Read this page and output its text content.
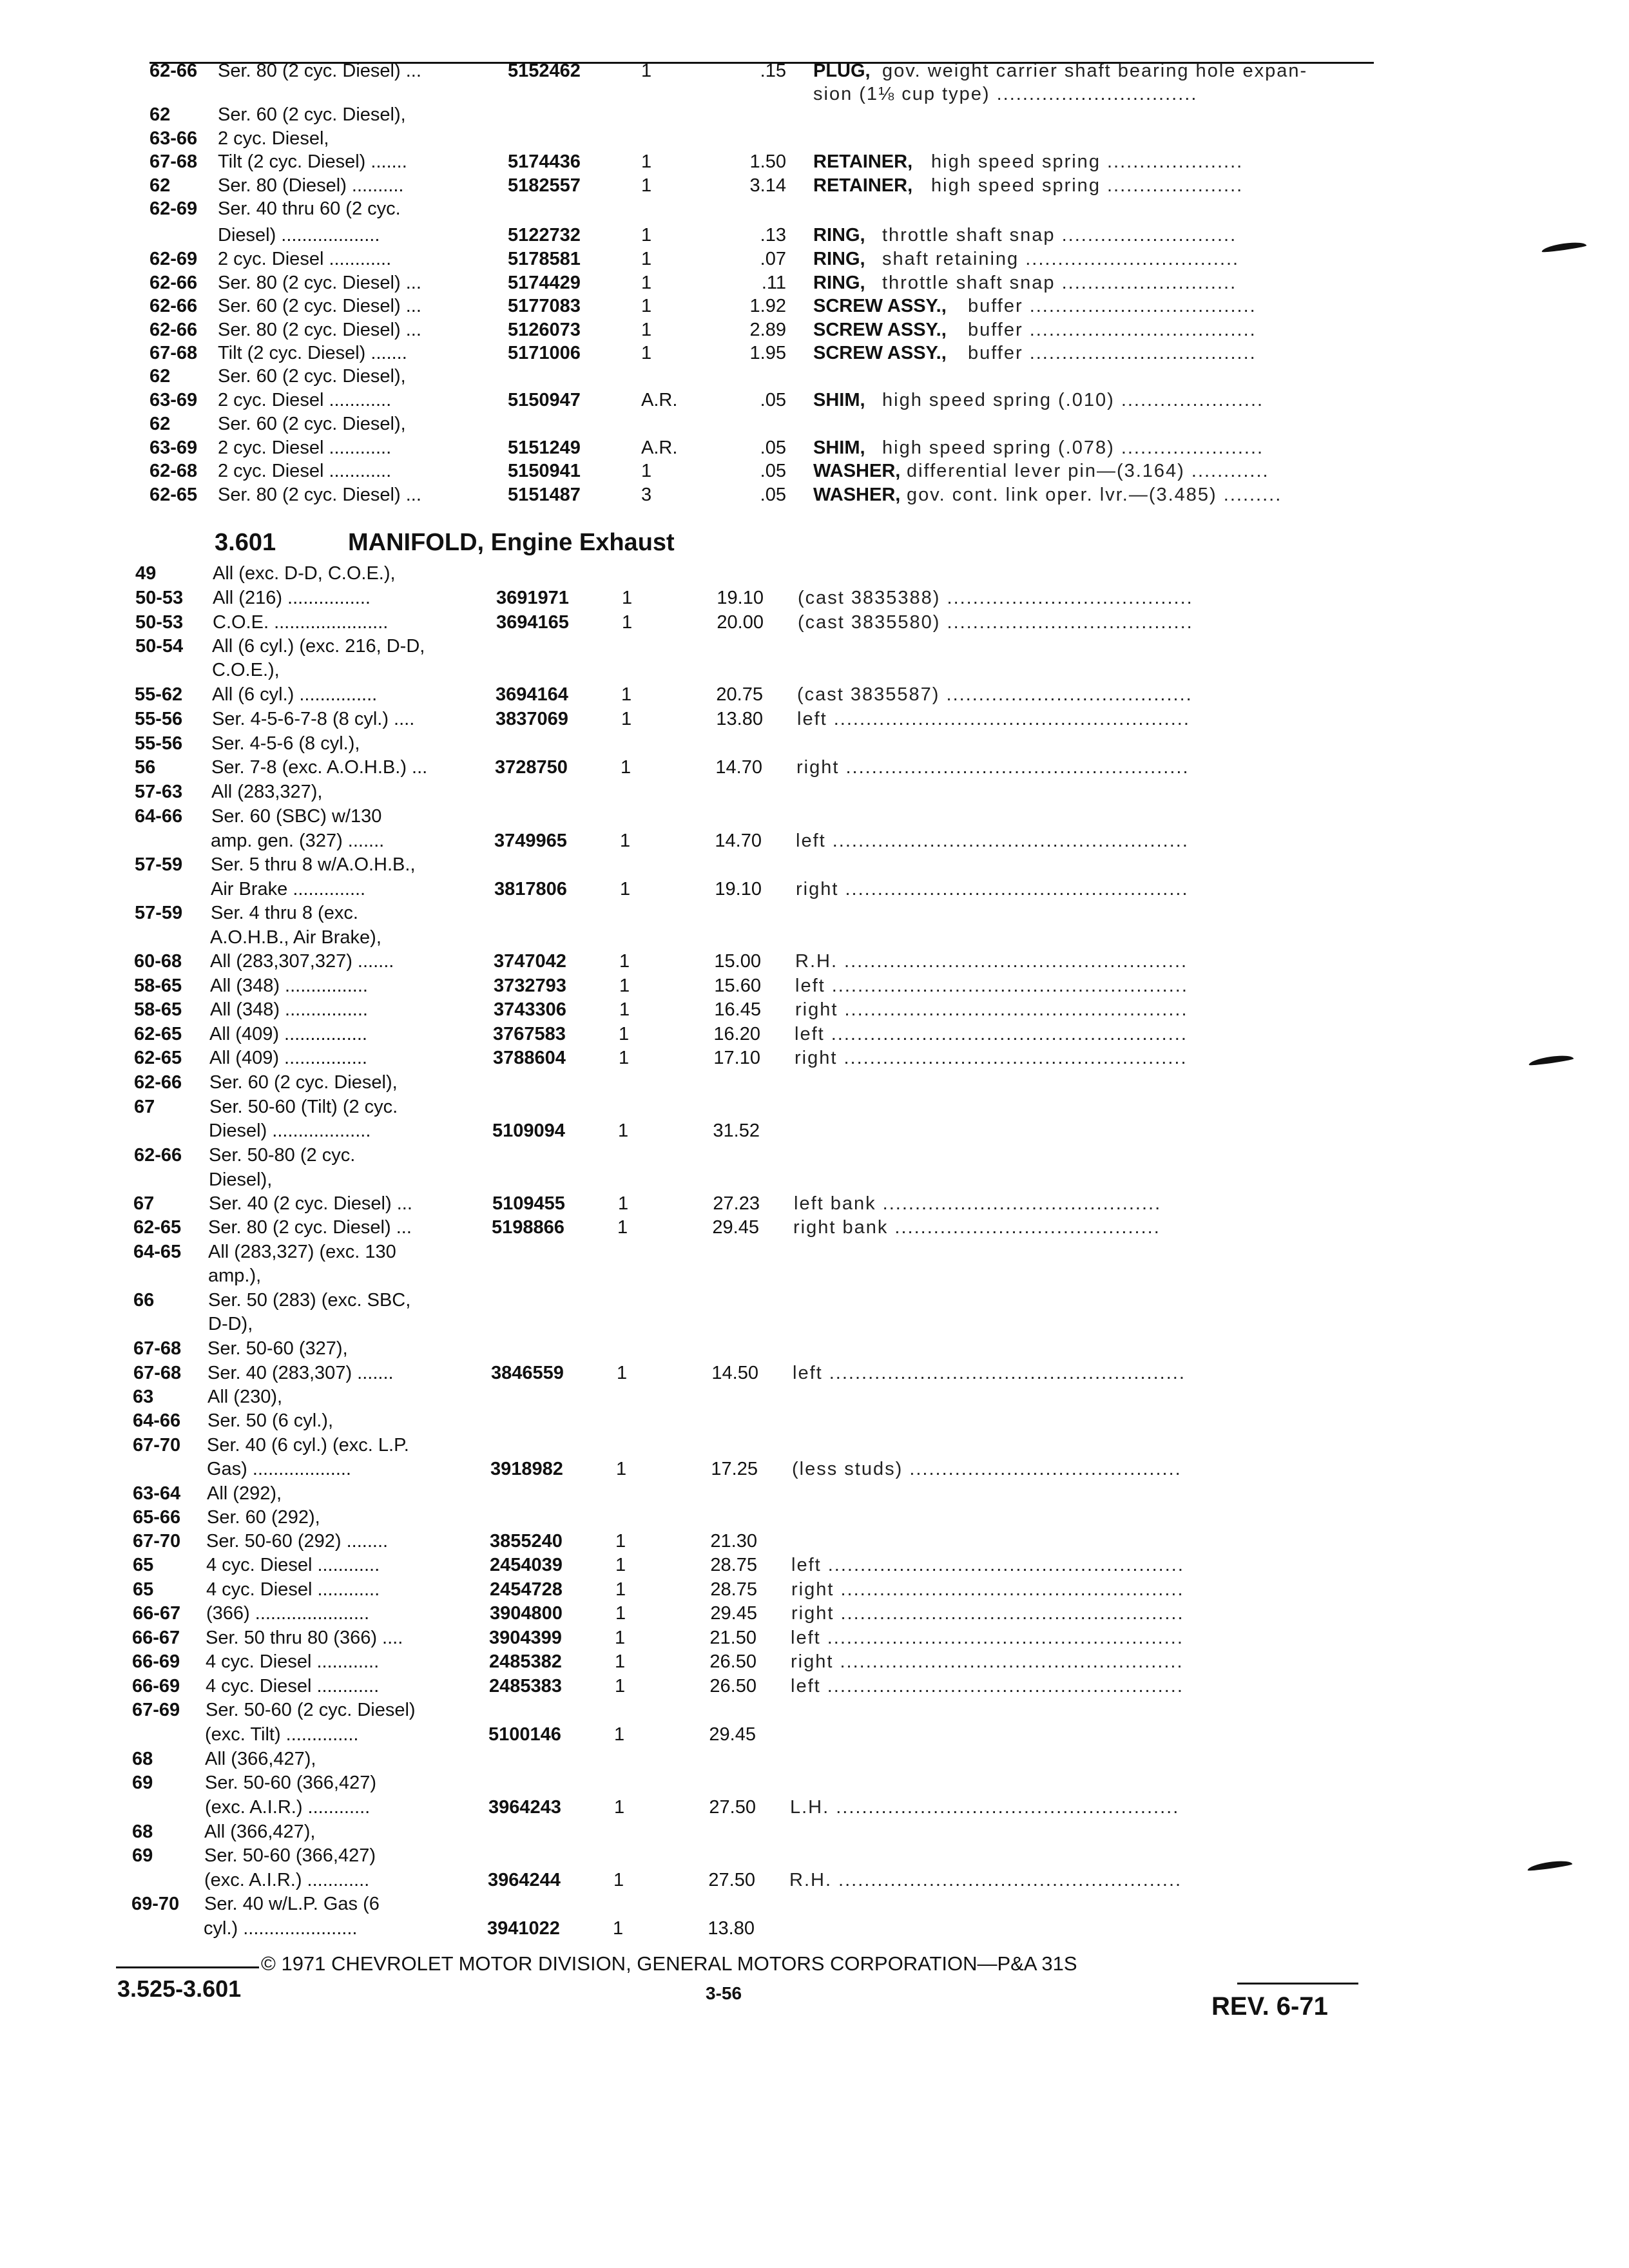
3.601	MANIFOLD, Engine Exhaust
62-66 Ser. 80 (2 cyc. Diesel) ...	5152462	1	.15 PLUG, gov. weight carrier shaft bearing hole expan-
sion (1⅛ cup type) ...............................
62	Ser. 60 (2 cyc. Diesel),
63-66 2 cyc. Diesel,
67-68 Tilt (2 cyc. Diesel) .......	5174436	1	1.50 RETAINER, high speed spring .....................
62	Ser. 80 (Diesel) ..........	5182557	1	3.14 RETAINER, high speed spring .....................
62-69 Ser. 40 thru 60 (2 cyc.
Diesel) ...................	5122732	1	.13 RING, throttle shaft snap ...........................
62-69 2 cyc. Diesel ............	5178581	1	.07 RING, shaft retaining .................................
62-66 Ser. 80 (2 cyc. Diesel) ...	5174429	1	.11 RING, throttle shaft snap ...........................
62-66 Ser. 60 (2 cyc. Diesel) ...	5177083	1	1.92 SCREW ASSY., buffer ...................................
62-66 Ser. 80 (2 cyc. Diesel) ...	5126073	1	2.89 SCREW ASSY., buffer ...................................
67-68 Tilt (2 cyc. Diesel) .......	5171006	1	1.95 SCREW ASSY., buffer ...................................
62	Ser. 60 (2 cyc. Diesel),
63-69 2 cyc. Diesel ............	5150947	A.R.	.05 SHIM, high speed spring (.010) ......................
62	Ser. 60 (2 cyc. Diesel),
63-69 2 cyc. Diesel ............	5151249	A.R.	.05 SHIM, high speed spring (.078) ......................
62-68 2 cyc. Diesel ............	5150941	1	.05 WASHER, differential lever pin—(3.164) ............
62-65 Ser. 80 (2 cyc. Diesel) ...	5151487	3	.05 WASHER, gov. cont. link oper. lvr.—(3.485) .........
49	All (exc. D-D, C.O.E.),
50-53 All (216) ................	3691971	1	19.10 (cast 3835388) ......................................
50-53 C.O.E. ......................	3694165	1	20.00 (cast 3835580) ......................................
50-54 All (6 cyl.) (exc. 216, D-D,
C.O.E.),
55-62 All (6 cyl.) ...............	3694164	1	20.75 (cast 3835587) ......................................
55-56 Ser. 4-5-6-7-8 (8 cyl.) ....	3837069	1	13.80 left .......................................................
55-56 Ser. 4-5-6 (8 cyl.),
56	Ser. 7-8 (exc. A.O.H.B.) ...	3728750	1	14.70 right .....................................................
57-63 All (283,327),
64-66 Ser. 60 (SBC) w/130
amp. gen. (327) .......	3749965	1	14.70 left .......................................................
57-59 Ser. 5 thru 8 w/A.O.H.B.,
Air Brake ..............	3817806	1	19.10 right .....................................................
57-59 Ser. 4 thru 8 (exc.
A.O.H.B., Air Brake),
60-68 All (283,307,327) .......	3747042	1	15.00 R.H. .....................................................
58-65 All (348) ................	3732793	1	15.60 left .......................................................
58-65 All (348) ................	3743306	1	16.45 right .....................................................
62-65 All (409) ................	3767583	1	16.20 left .......................................................
62-65 All (409) ................	3788604	1	17.10 right .....................................................
62-66 Ser. 60 (2 cyc. Diesel),
67	Ser. 50-60 (Tilt) (2 cyc.
Diesel) ...................	5109094	1	31.52
62-66 Ser. 50-80 (2 cyc.
Diesel),
67	Ser. 40 (2 cyc. Diesel) ...	5109455	1	27.23 left bank ...........................................
62-65 Ser. 80 (2 cyc. Diesel) ...	5198866	1	29.45 right bank .........................................
64-65 All (283,327) (exc. 130
amp.),
66	Ser. 50 (283) (exc. SBC,
D-D),
67-68 Ser. 50-60 (327),
67-68 Ser. 40 (283,307) .......	3846559	1	14.50 left .......................................................
63	All (230),
64-66 Ser. 50 (6 cyl.),
67-70 Ser. 40 (6 cyl.) (exc. L.P.
Gas) ...................	3918982	1	17.25 (less studs) ..........................................
63-64 All (292),
65-66 Ser. 60 (292),
67-70 Ser. 50-60 (292) ........	3855240	1	21.30
65	4 cyc. Diesel ............	2454039	1	28.75 left .......................................................
65	4 cyc. Diesel ............	2454728	1	28.75 right .....................................................
66-67 (366) ......................	3904800	1	29.45 right .....................................................
66-67 Ser. 50 thru 80 (366) ....	3904399	1	21.50 left .......................................................
66-69 4 cyc. Diesel ............	2485382	1	26.50 right .....................................................
66-69 4 cyc. Diesel ............	2485383	1	26.50 left .......................................................
67-69 Ser. 50-60 (2 cyc. Diesel)
(exc. Tilt) ..............	5100146	1	29.45
68	All (366,427),
69	Ser. 50-60 (366,427)
(exc. A.I.R.) ............	3964243	1	27.50 L.H. .....................................................
68	All (366,427),
69	Ser. 50-60 (366,427)
(exc. A.I.R.) ............	3964244	1	27.50 R.H. .....................................................
69-70 Ser. 40 w/L.P. Gas (6
cyl.) ......................	3941022	1	13.80
© 1971 CHEVROLET MOTOR DIVISION, GENERAL MOTORS CORPORATION—P&A 31S
3.525-3.601	3-56	REV. 6-71
